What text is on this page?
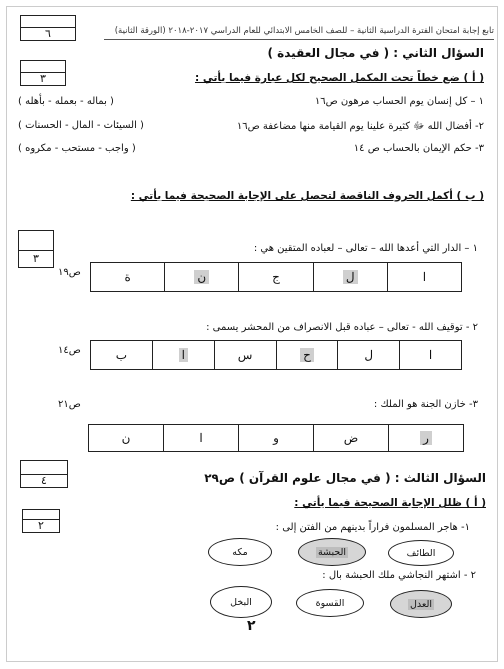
٦
٣
٣
٤
٢
تابع إجابة امتحان الفترة الدراسية الثانية – للصف الخامس الابتدائي للعام الدراسي ٢٠١٧-٢٠١٨ (الورقة الثانية)
السؤال الثاني : ( في مجال العقيدة )
( أ ) ضع خطاً تحت المكمل الصحيح لكل عبارة فيما يأتي :
١ – كل إنسان يوم الحساب مرهون ص١٦
( بماله - بعمله - بأهله )
٢- أفضال الله ﷻ كثيرة علينا يوم القيامة منها مضاعفة ص١٦
( السيئات - المال - الحسنات )
٣- حكم الإيمان بالحساب ص ١٤
( واجب - مستحب - مكروه )
( ب ) أكمل الحروف الناقصة لتحصل على الإجابة الصحيحة فيما يأتي :
١ – الدار التي أعدها الله – تعالى – لعباده المتقين هي :
ص١٩	ا
ل
ج
ن
ة
٢ - توقيف الله - تعالى – عباده قبل الانصراف من المحشر يسمى :
ص١٤	ا
ل
ح
س
ا
ب
٣- خازن الجنة هو الملك :
ص٢١
ر
ض
و
ا
ن
السؤال الثالث : ( في مجال علوم القرآن ) ص٢٩
( أ ) ظلل الإجابة الصحيحة فيما يأتي :
١- هاجر المسلمون فراراً بدينهم من الفتن إلى :
الطائف
الحبشة
مكه
٢ - اشتهر النجاشي ملك الحبشة بال :
العدل
القسوة
البخل
٢
